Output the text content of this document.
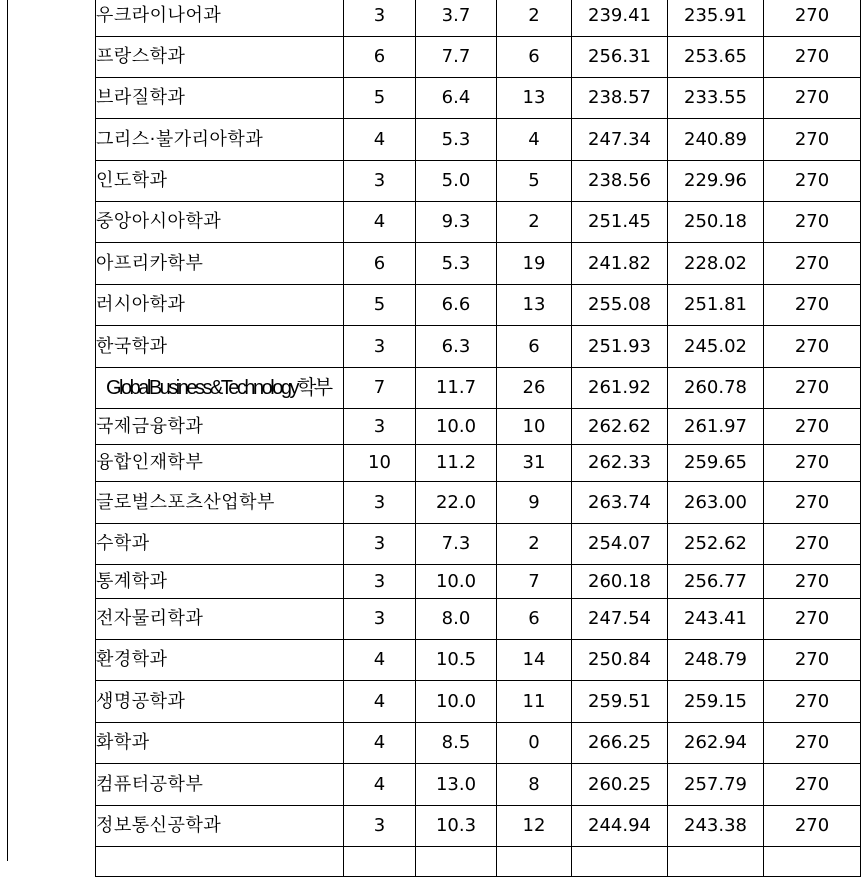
우크라이나어과	3	3.7	2	239.41	235.91	270
프랑스학과	6	7.7	6	256.31	253.65	270
브라질학과	5	6.4	13	238.57	233.55	270
그리스·불가리아학과	4	5.3	4	247.34	240.89	270
인도학과	3	5.0	5	238.56	229.96	270
중앙아시아학과	4	9.3	2	251.45	250.18	270
아프리카학부	6	5.3	19	241.82	228.02	270
러시아학과	5	6.6	13	255.08	251.81	270
한국학과	3	6.3	6	251.93	245.02	270
GlobalBusiness&Technology학부	7	11.7	26	261.92	260.78	270
국제금융학과	3	10.0	10	262.62	261.97	270
융합인재학부	10	11.2	31	262.33	259.65	270
글로벌스포츠산업학부	3	22.0	9	263.74	263.00	270
수학과	3	7.3	2	254.07	252.62	270
통계학과	3	10.0	7	260.18	256.77	270
전자물리학과	3	8.0	6	247.54	243.41	270
환경학과	4	10.5	14	250.84	248.79	270
생명공학과	4	10.0	11	259.51	259.15	270
화학과	4	8.5	0	266.25	262.94	270
컴퓨터공학부	4	13.0	8	260.25	257.79	270
정보통신공학과	3	10.3	12	244.94	243.38	270
